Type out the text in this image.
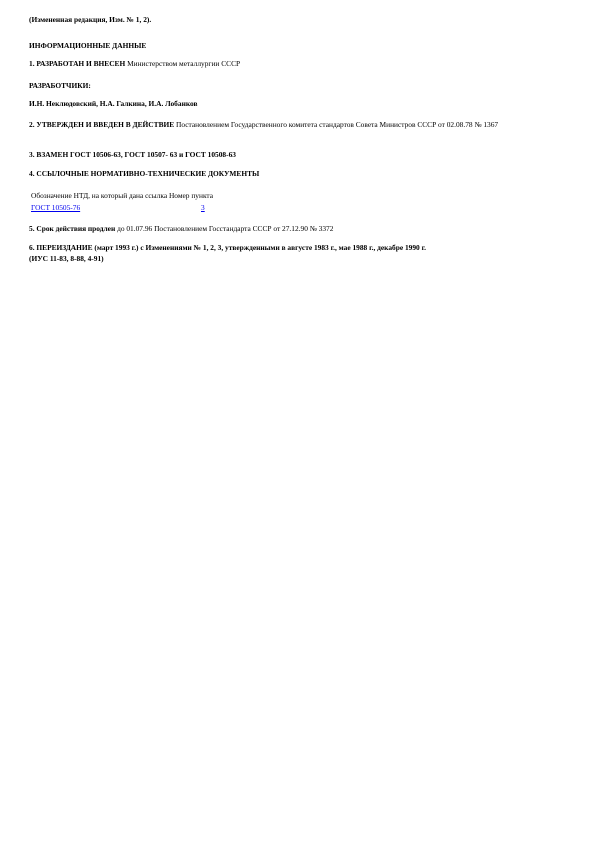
(Измененная редакция, Изм. № 1, 2).
ИНФОРМАЦИОННЫЕ ДАННЫЕ
1. РАЗРАБОТАН И ВНЕСЕН Министерством металлургии СССР
РАЗРАБОТЧИКИ:
И.Н. Неклюдовский, Н.А. Галкина, И.А. Лобанков
2. УТВЕРЖДЕН И ВВЕДЕН В ДЕЙСТВИЕ Постановлением Государственного комитета стандартов Совета Министров СССР от 02.08.78 № 1367
3. ВЗАМЕН ГОСТ 10506-63, ГОСТ 10507- 63 и ГОСТ 10508-63
4. ССЫЛОЧНЫЕ НОРМАТИВНО-ТЕХНИЧЕСКИЕ ДОКУМЕНТЫ
Обозначение НТД, на который дана ссылка Номер пункта
ГОСТ 10505-76	3
5. Срок действия продлен до 01.07.96 Постановлением Госстандарта СССР от 27.12.90 № 3372
6. ПЕРЕИЗДАНИЕ (март 1993 г.) с Изменениями № 1, 2, 3, утвержденными в августе 1983 г., мае 1988 г., декабре 1990 г.
(ИУС 11-83, 8-88, 4-91)
